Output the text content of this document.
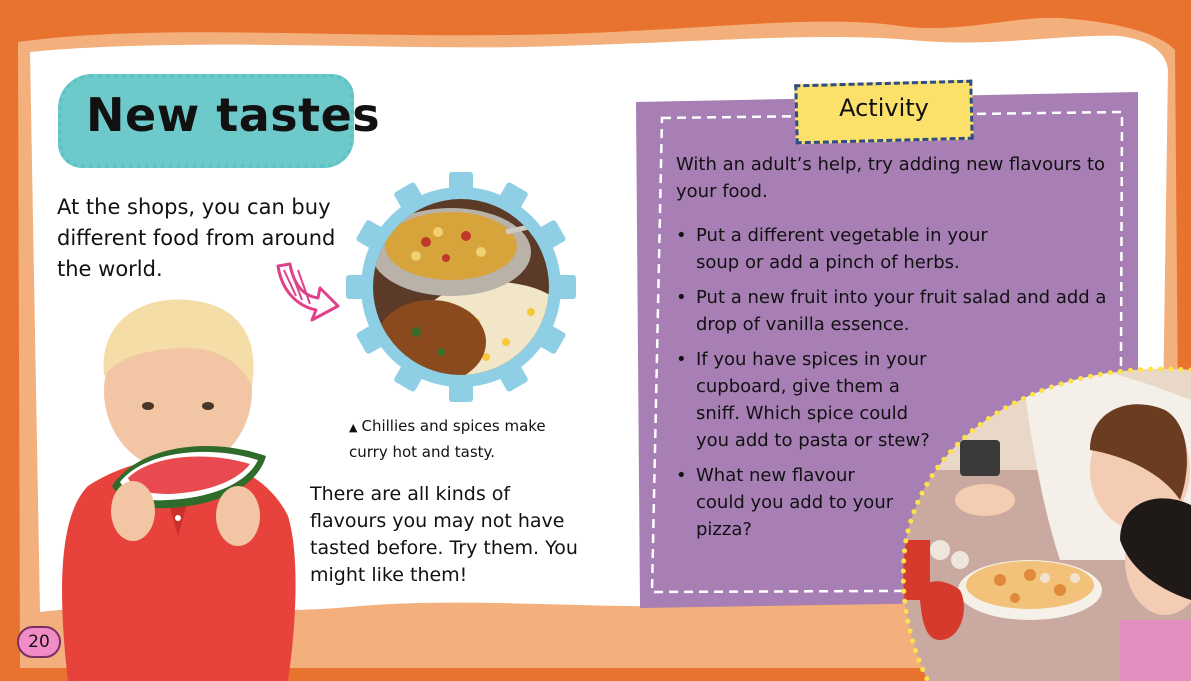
New tastes
At the shops, you can buy different food from around the world.
▲ Chillies and spices make curry hot and tasty.
There are all kinds of flavours you may not have tasted before. Try them. You might like them!
20
Activity
With an adult’s help, try adding new flavours to your food.
• Put a different vegetable in your soup or add a pinch of herbs.
• Put a new fruit into your fruit salad and add a drop of vanilla essence.
• If you have spices in your cupboard, give them a sniff. Which spice could you add to pasta or stew?
• What new flavour could you add to your pizza?
